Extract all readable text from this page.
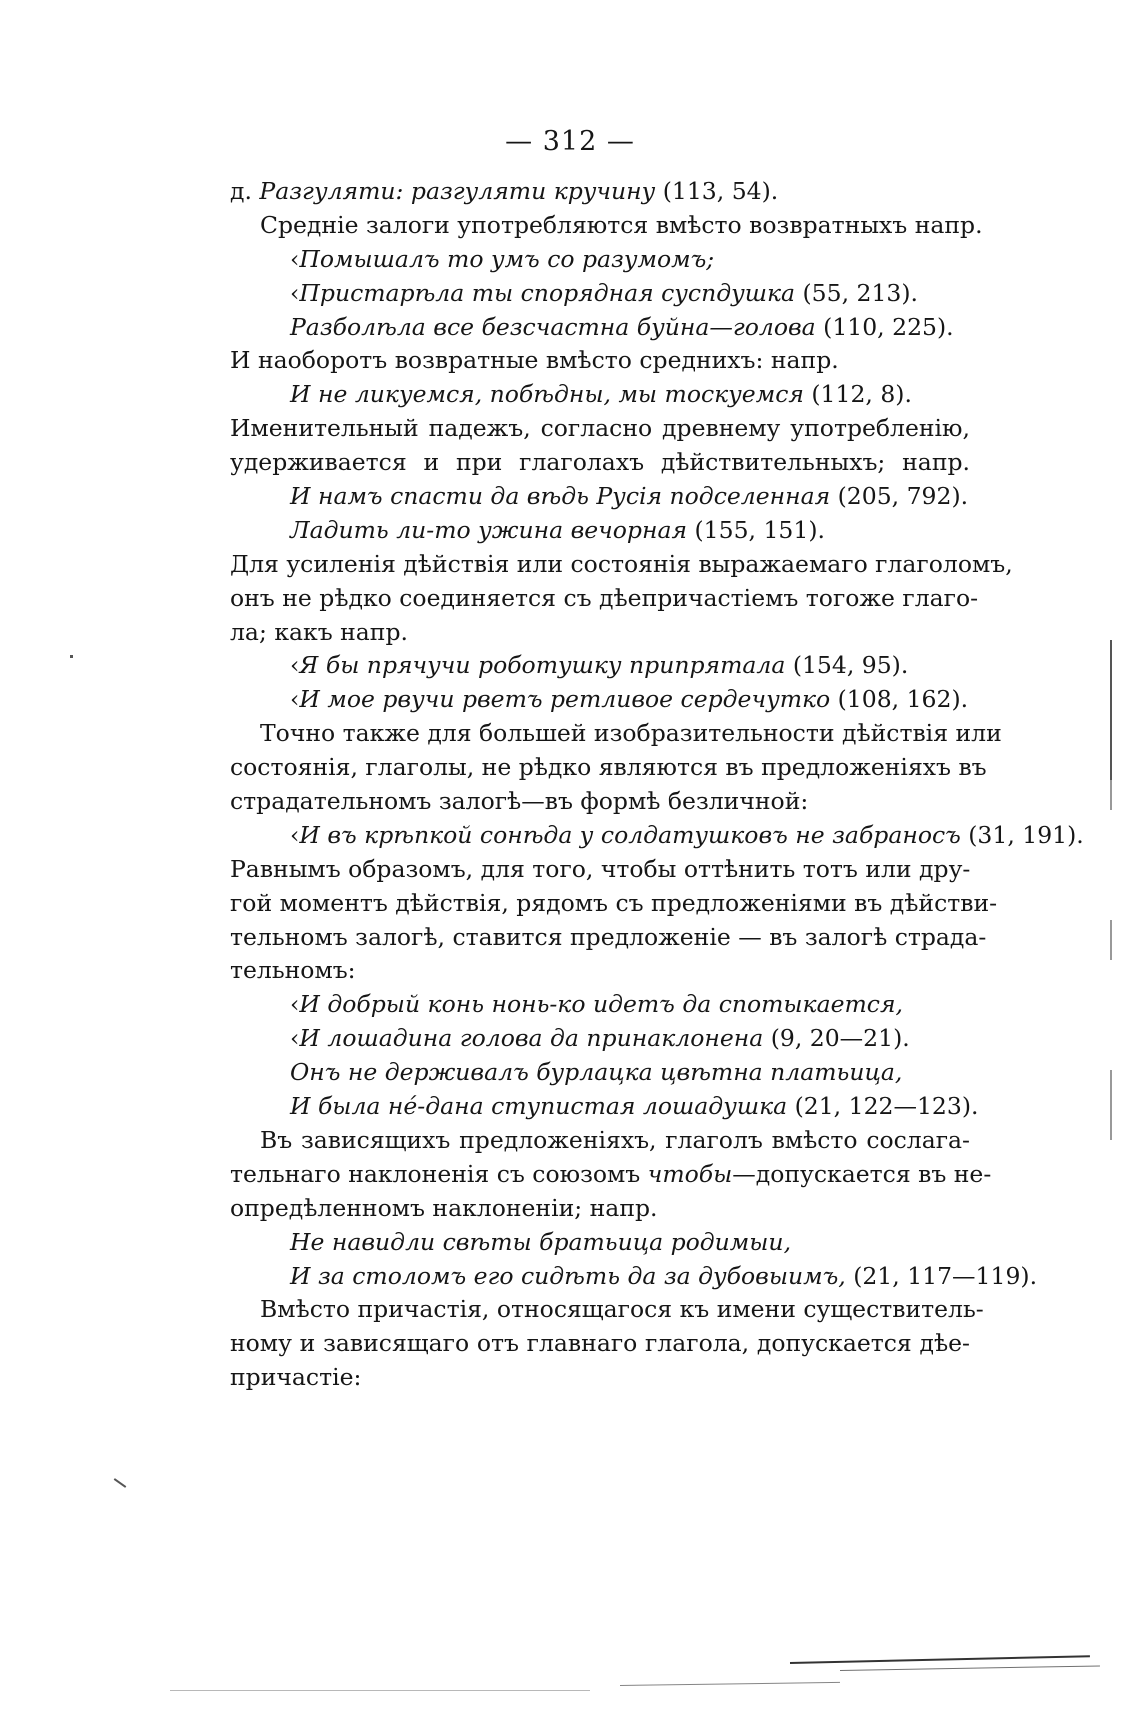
— 312 —
д. Разгуляти: разгуляти кручину (113, 54).
Средніе залоги употребляются вмѣсто возвратныхъ напр.
‹Помышалъ то умъ со разумомъ;
‹Пристарѣла ты спорядная суспдушка (55, 213).
Разболѣла все безсчастна буйна—голова (110, 225).
И наоборотъ возвратные вмѣсто среднихъ: напр.
И не ликуемся, побѣдны, мы тоскуемся (112, 8).
Именительный падежъ, согласно древнему употребленію,
удерживается и при глаголахъ дѣйствительныхъ; напр.
И намъ спасти да вѣдь Русія подселенная (205, 792).
Ладить ли-то ужина вечорная (155, 151).
Для усиленія дѣйствія или состоянія выражаемаго глаголомъ,
онъ не рѣдко соединяется съ дѣепричастіемъ тогоже глаго-
ла; какъ напр.
‹Я бы прячучи роботушку припрятала (154, 95).
‹И мое рвучи рветъ ретливое сердечутко (108, 162).
Точно также для большей изобразительности дѣйствія или
состоянія, глаголы, не рѣдко являются въ предложеніяхъ въ
страдательномъ залогѣ—въ формѣ безличной:
‹И въ крѣпкой сонѣда у солдатушковъ не забраносъ (31, 191).
Равнымъ образомъ, для того, чтобы оттѣнить тотъ или дру-
гой моментъ дѣйствія, рядомъ съ предложеніями въ дѣйстви-
тельномъ залогѣ, ставится предложеніе — въ залогѣ страда-
тельномъ:
‹И добрый конь нонь-ко идетъ да спотыкается,
‹И лошадина голова да принаклонена (9, 20—21).
Онъ не держивалъ бурлацка цвѣтна платьица,
И была не́-дана ступистая лошадушка (21, 122—123).
Въ зависящихъ предложеніяхъ, глаголъ вмѣсто сослага-
тельнаго наклоненія съ союзомъ чтобы—допускается въ не-
опредѣленномъ наклоненіи; напр.
Не навидли свѣты братьица родимыи,
И за столомъ его сидѣть да за дубовыимъ, (21, 117—119).
Вмѣсто причастія, относящагося къ имени существитель-
ному и зависящаго отъ главнаго глагола, допускается дѣе-
причастіе:
